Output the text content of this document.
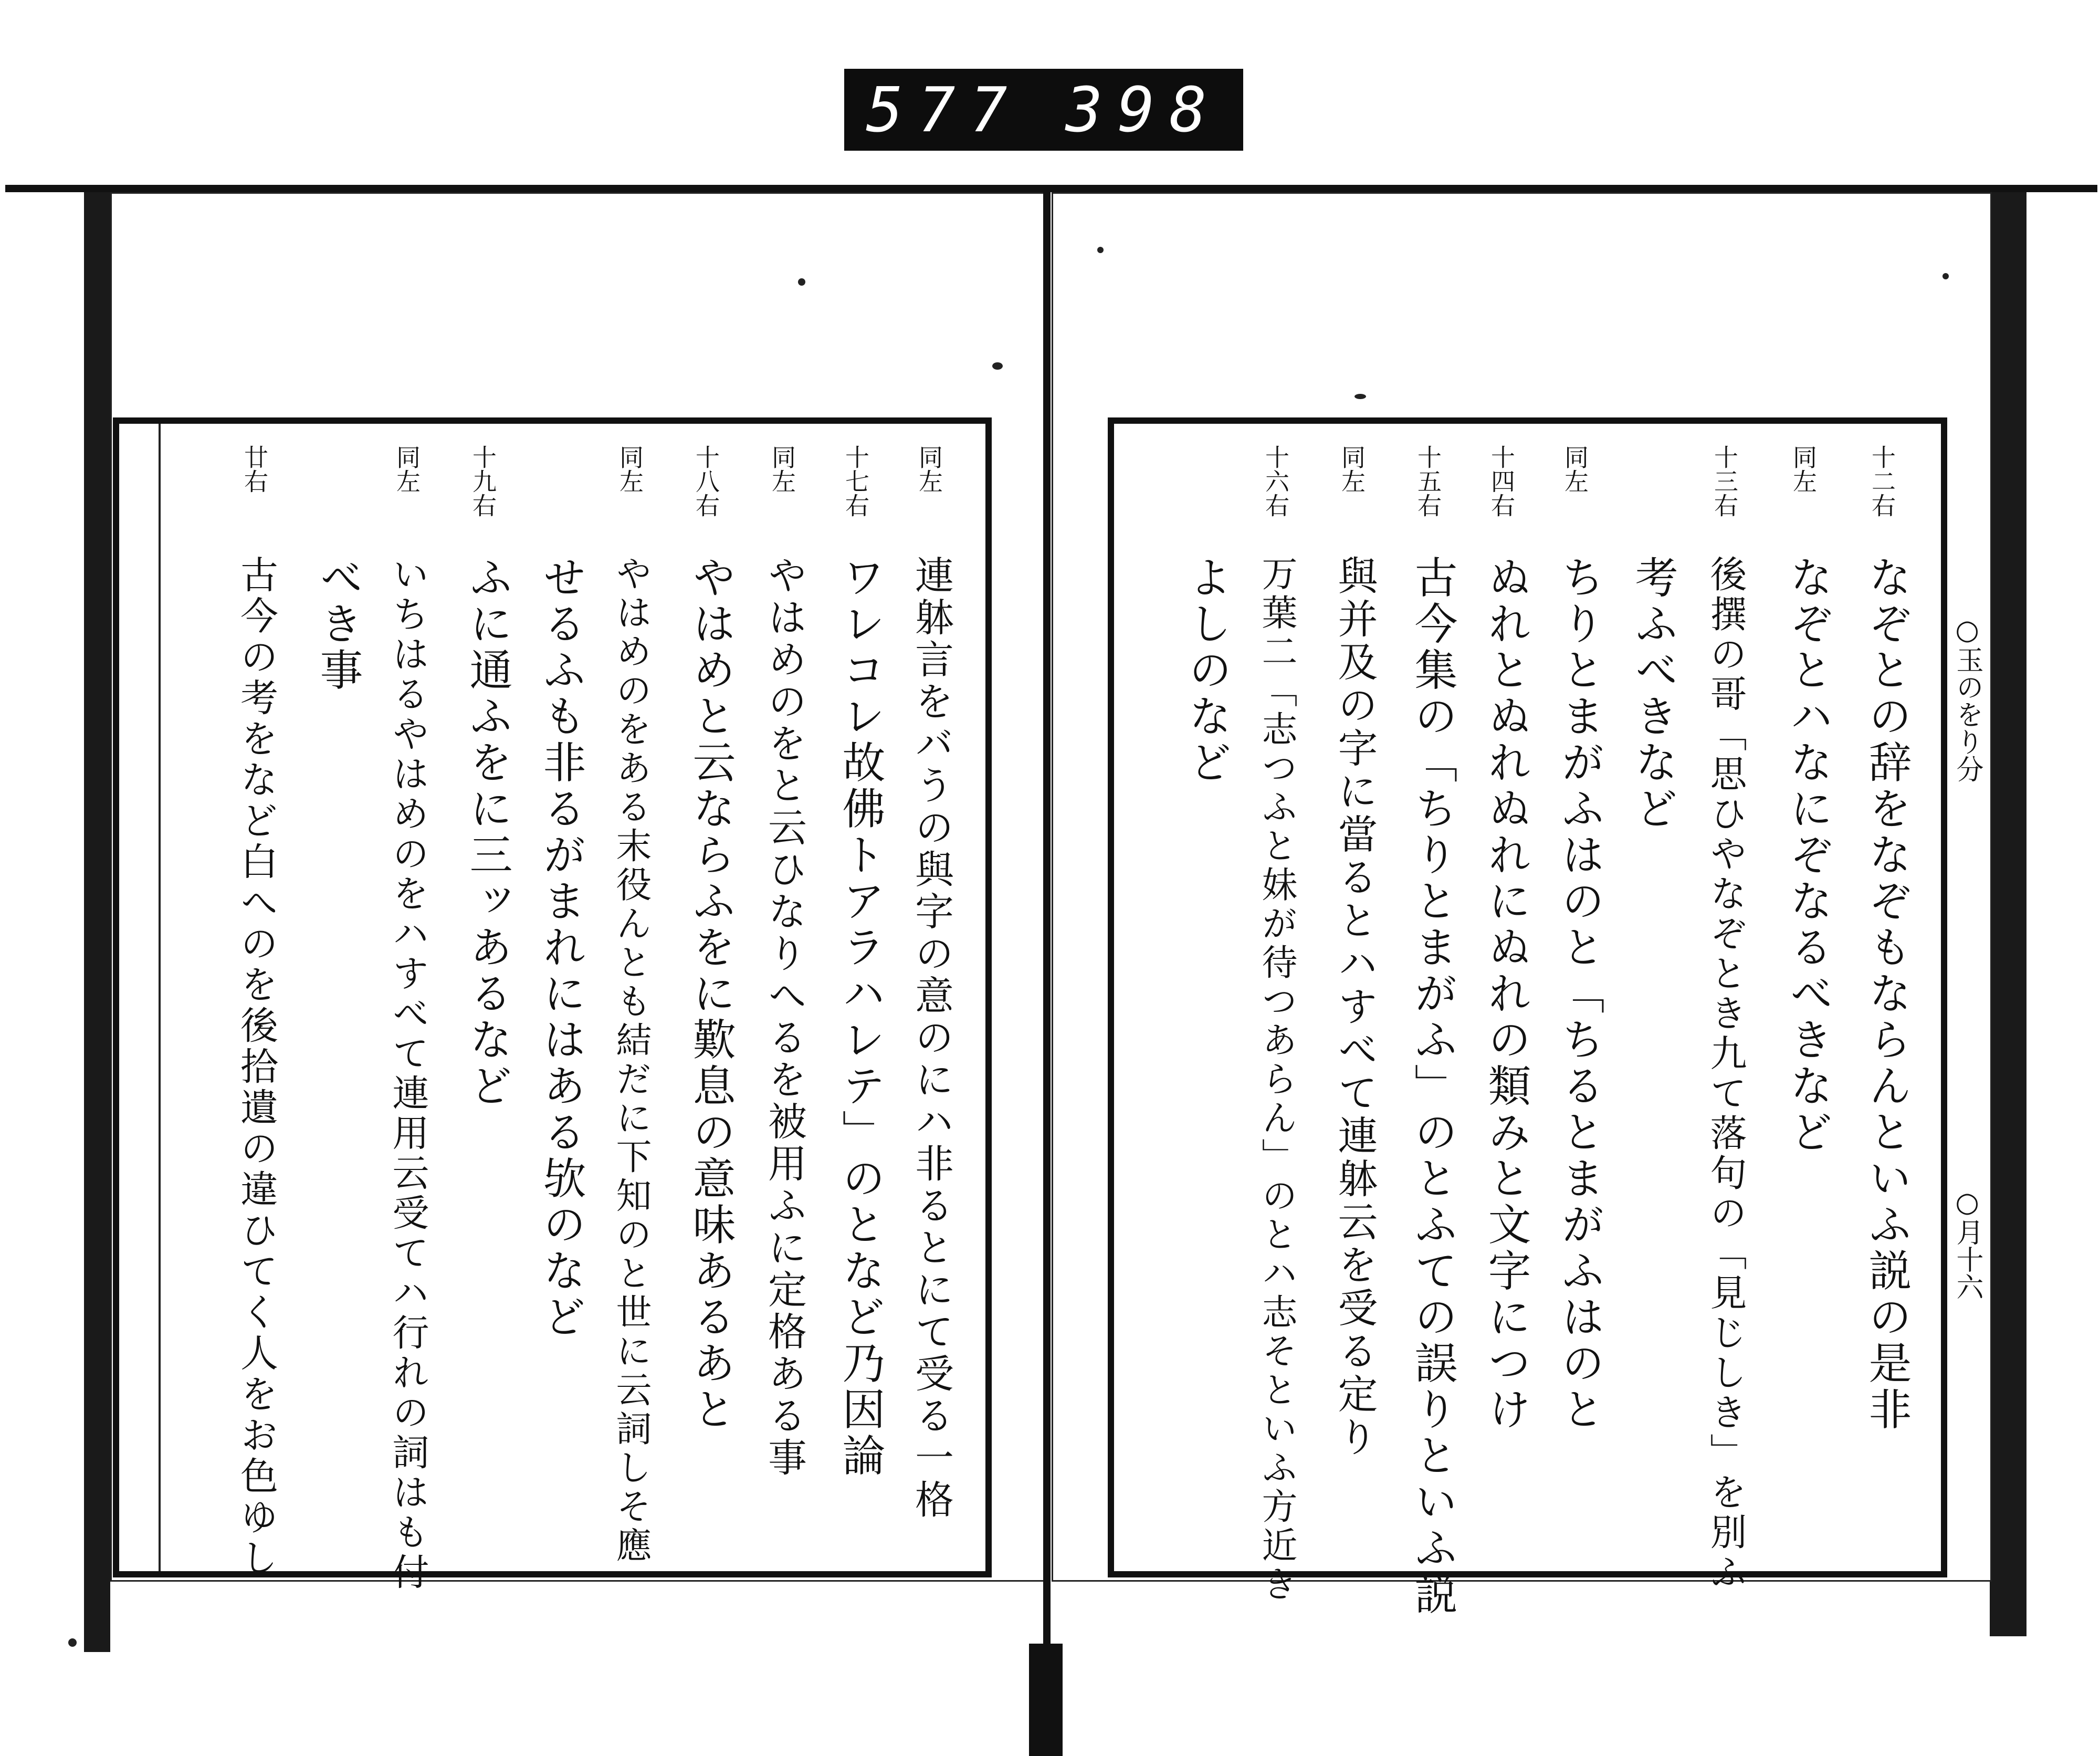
577 398
○玉のをり分
○月十六
十二右
なぞとの辞をなぞもならんといふ説の是非
同左
なぞとハなにぞなるべきなど
十三右
後撰の哥「思ひやなぞとき九て落句の「見じしき」を別ふ
考ふべきなど
同左
ちりとまがふはのと「ちるとまがふはのと
十四右
ぬれとぬれぬれにぬれの類みと文字につけ
十五右
古今集の「ちりとまがふ」のとふての誤りといふ説
同左
與并及の字に當るとハすべて連躰云を受る定り
十六右
万葉二「志つふと妹が待つあらん」のとハ志そといふ方近き
よしのなど
同左
連躰言をバうの與字の意のにハ非るとにて受る一格
十七右
ワレコレ故佛トアラハレテ」のとなど乃因論
同左
やはめのをと云ひなりへるを被用ふに定格ある事
十八右
やはめと云ならふをに歎息の意味あるあと
同左
やはめのをある末役んとも結だに下知のと世に云詞しそ應
せるふも非るがまれにはある欤のなど
十九右
ふに通ふをに三ッあるなど
同左
いちはるやはめのをハすべて連用云受てハ行れの詞はも付
べき事
廿右
古今の考をなど白へのを後拾遺の違ひてく人をお色ゆし
